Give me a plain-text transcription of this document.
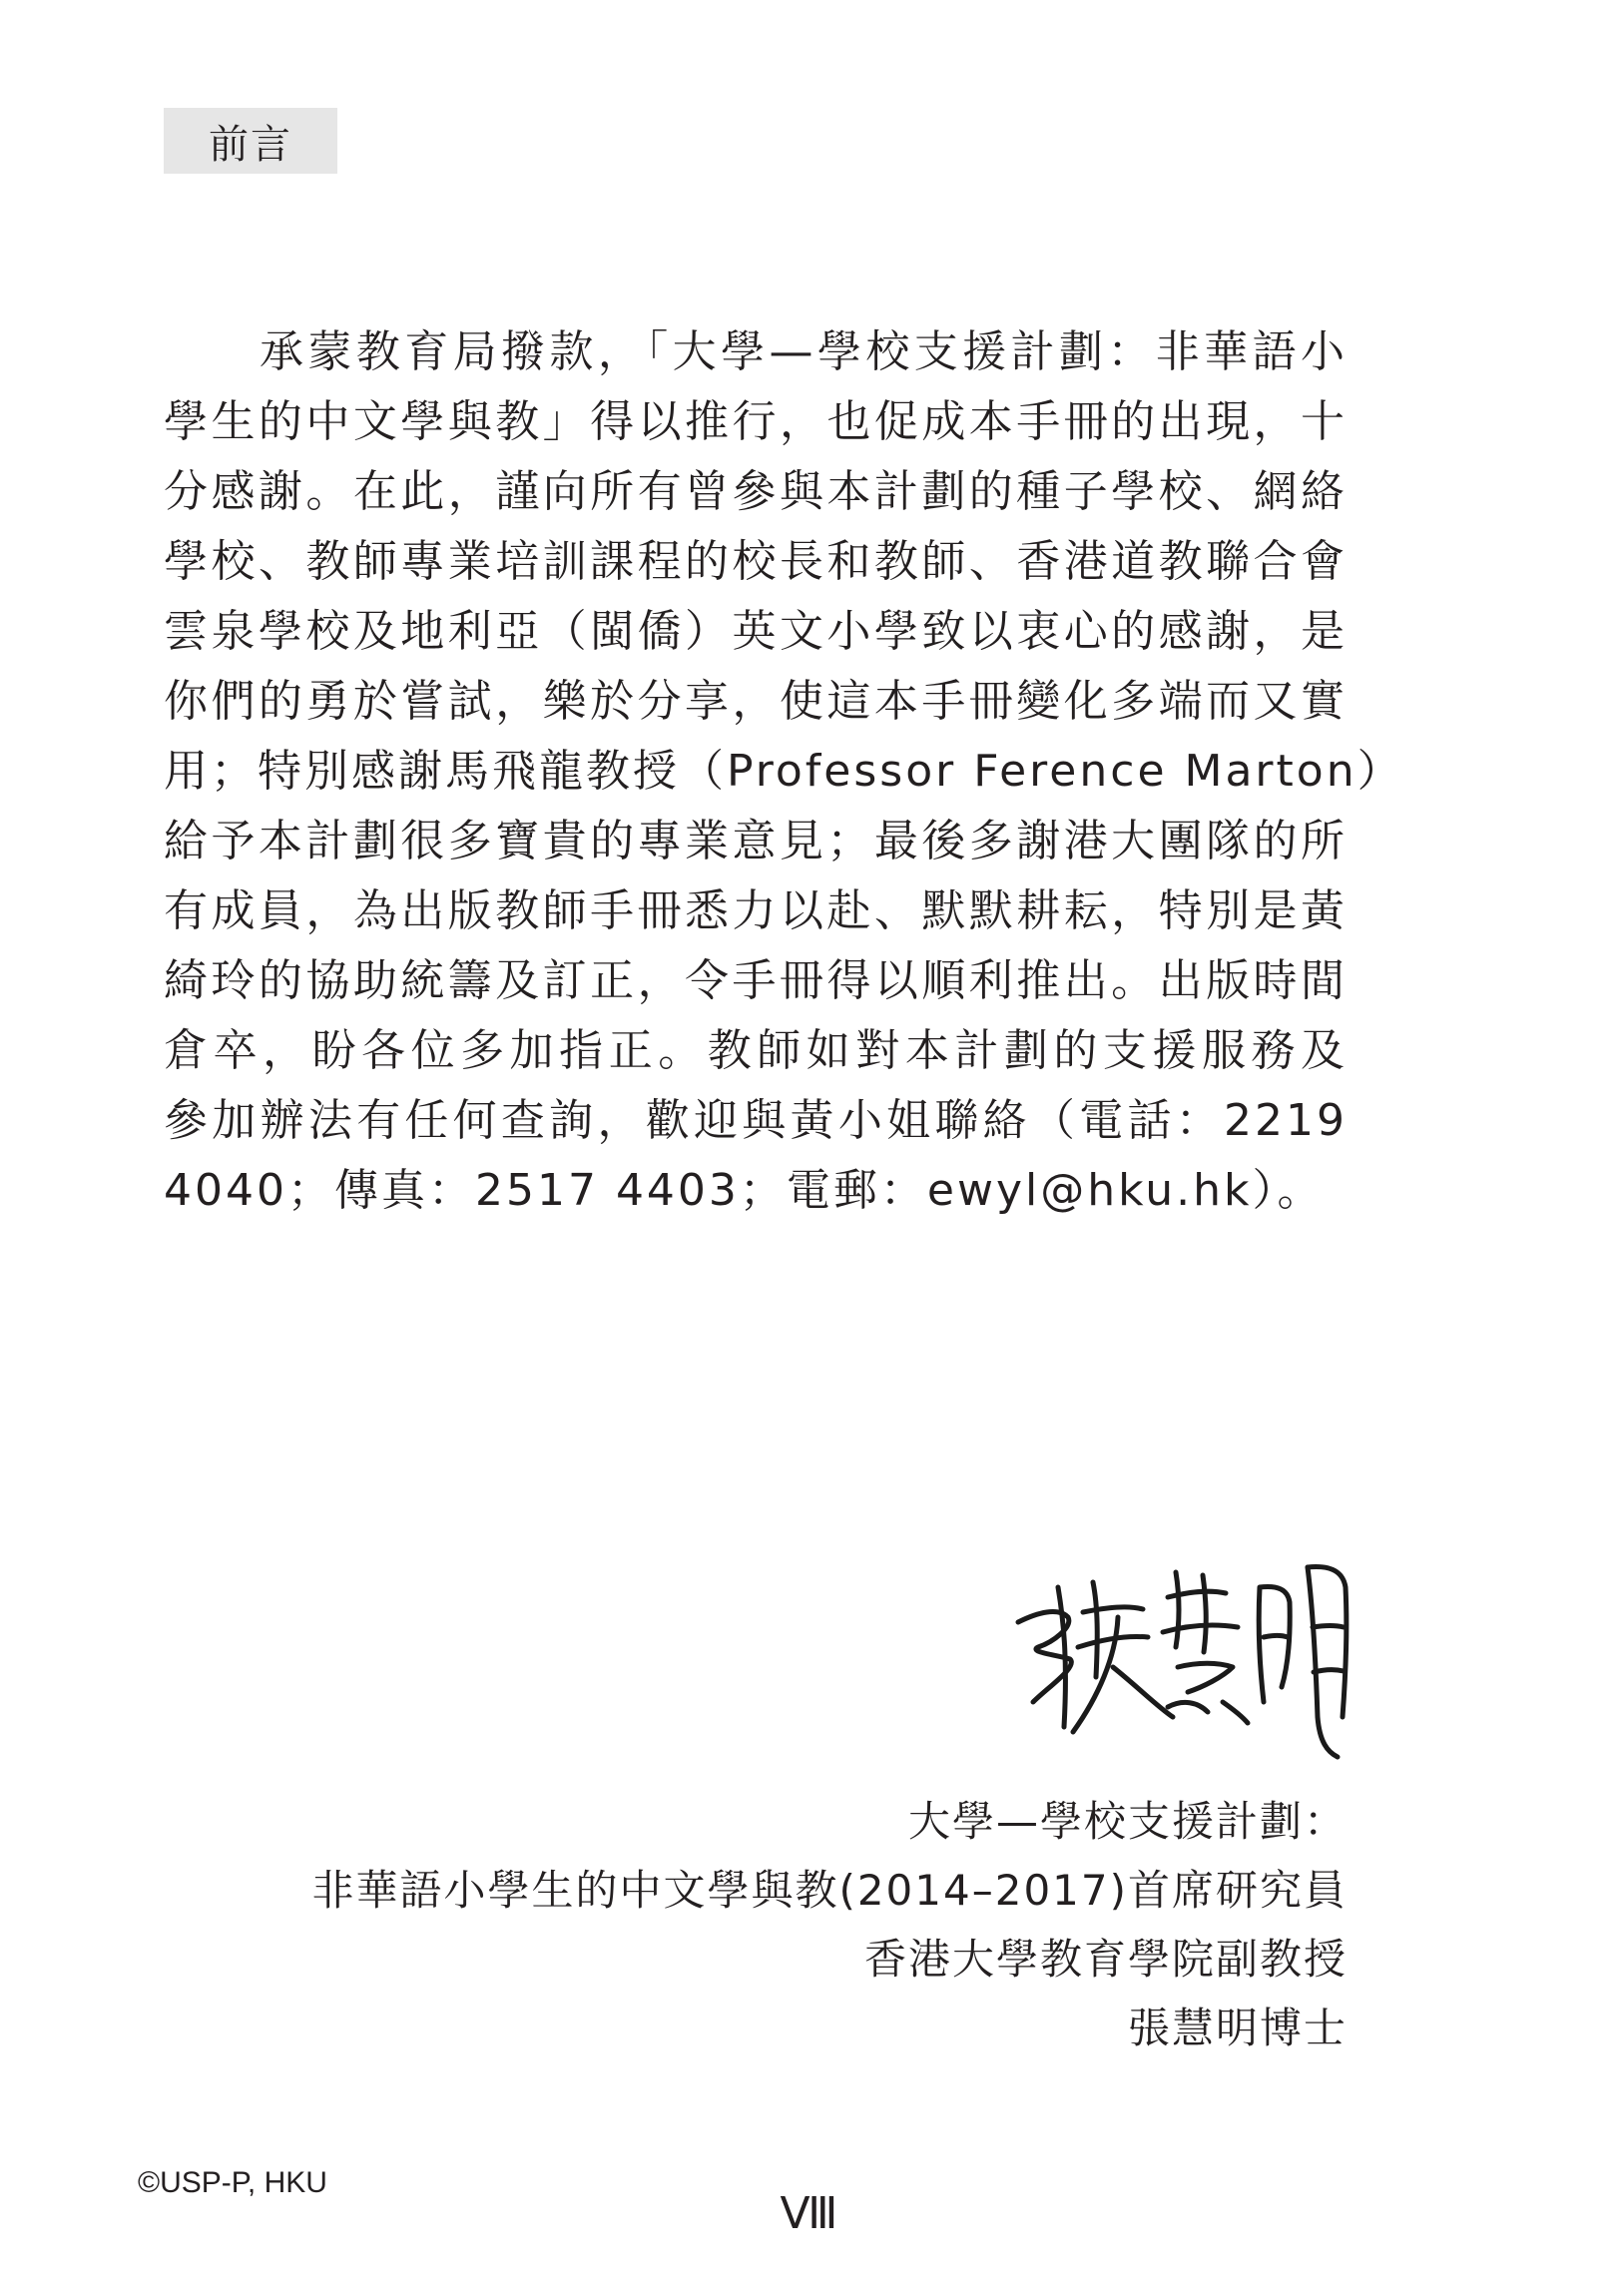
前言
承蒙教育局撥款，「大學—學校支援計劃：非華語小
學生的中文學與教」得以推行，也促成本手冊的出現，十
分感謝。在此，謹向所有曾參與本計劃的種子學校、網絡
學校、教師專業培訓課程的校長和教師、香港道教聯合會
雲泉學校及地利亞（閩僑）英文小學致以衷心的感謝，是
你們的勇於嘗試，樂於分享，使這本手冊變化多端而又實
用；特別感謝馬飛龍教授（Professor Ference Marton）
給予本計劃很多寶貴的專業意見；最後多謝港大團隊的所
有成員，為出版教師手冊悉力以赴、默默耕耘，特別是黃
綺玲的協助統籌及訂正，令手冊得以順利推出。出版時間
倉卒，盼各位多加指正。教師如對本計劃的支援服務及
參加辦法有任何查詢，歡迎與黃小姐聯絡（電話：2219
4040；傳真：2517 4403；電郵：ewyl@hku.hk）。
大學—學校支援計劃：
非華語小學生的中文學與教(2014–2017)首席研究員
香港大學教育學院副教授
張慧明博士
©USP-P, HKU
Ⅷ
